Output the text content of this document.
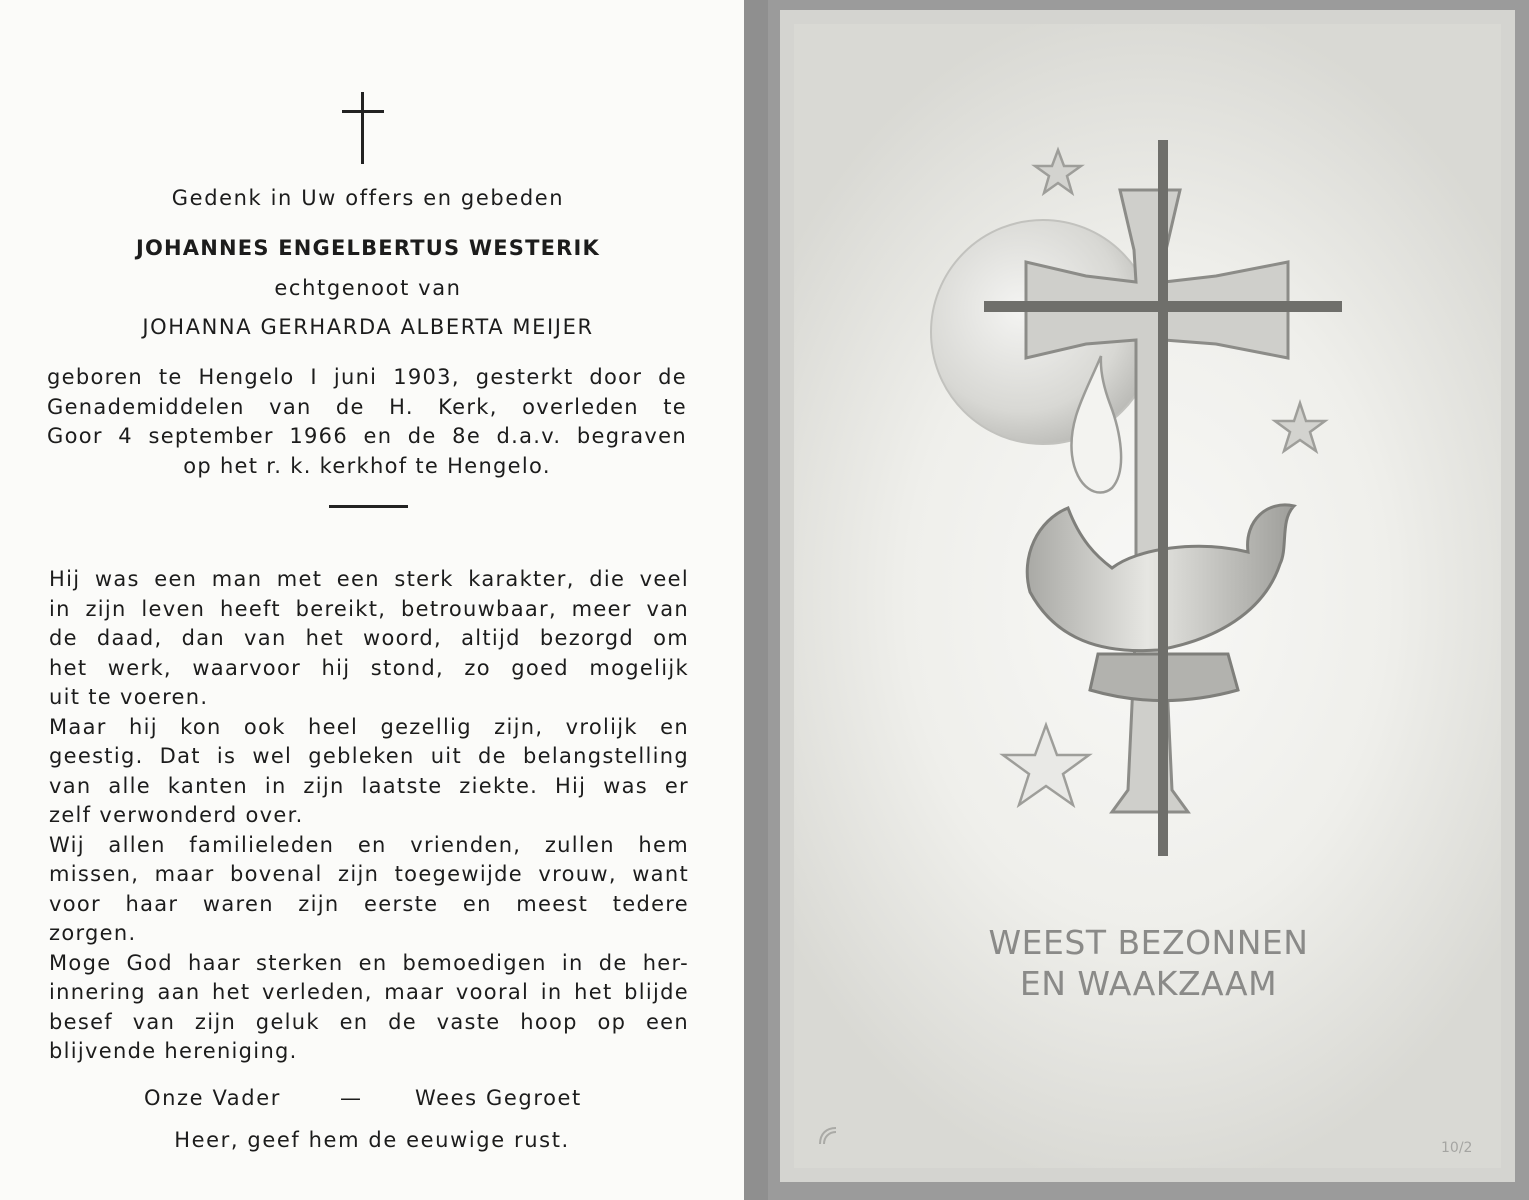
Gedenk in Uw offers en gebeden
JOHANNES ENGELBERTUS WESTERIK
echtgenoot van
JOHANNA GERHARDA ALBERTA MEIJER
geboren te Hengelo I juni 1903, gesterkt door de
Genademiddelen van de H. Kerk, overleden te
Goor 4 september 1966 en de 8e d.a.v. begraven
op het r. k. kerkhof te Hengelo.

Hij was een man met een sterk karakter, die veel
in zijn leven heeft bereikt, betrouwbaar, meer van
de daad, dan van het woord, altijd bezorgd om
het werk, waarvoor hij stond, zo goed mogelijk
uit te voeren.

Maar hij kon ook heel gezellig zijn, vrolijk en
geestig. Dat is wel gebleken uit de belangstelling
van alle kanten in zijn laatste ziekte. Hij was er
zelf verwonderd over.

Wij allen familieleden en vrienden, zullen hem
missen, maar bovenal zijn toegewijde vrouw, want
voor haar waren zijn eerste en meest tedere
zorgen.

Moge God haar sterken en bemoedigen in de her-
innering aan het verleden, maar vooral in het blijde
besef van zijn geluk en de vaste hoop op een
blijvende hereniging.

Onze Vader	— Wees Gegroet
Heer, geef hem de eeuwige rust.
WEEST BEZONNEN
EN WAAKZAAM
10/2
